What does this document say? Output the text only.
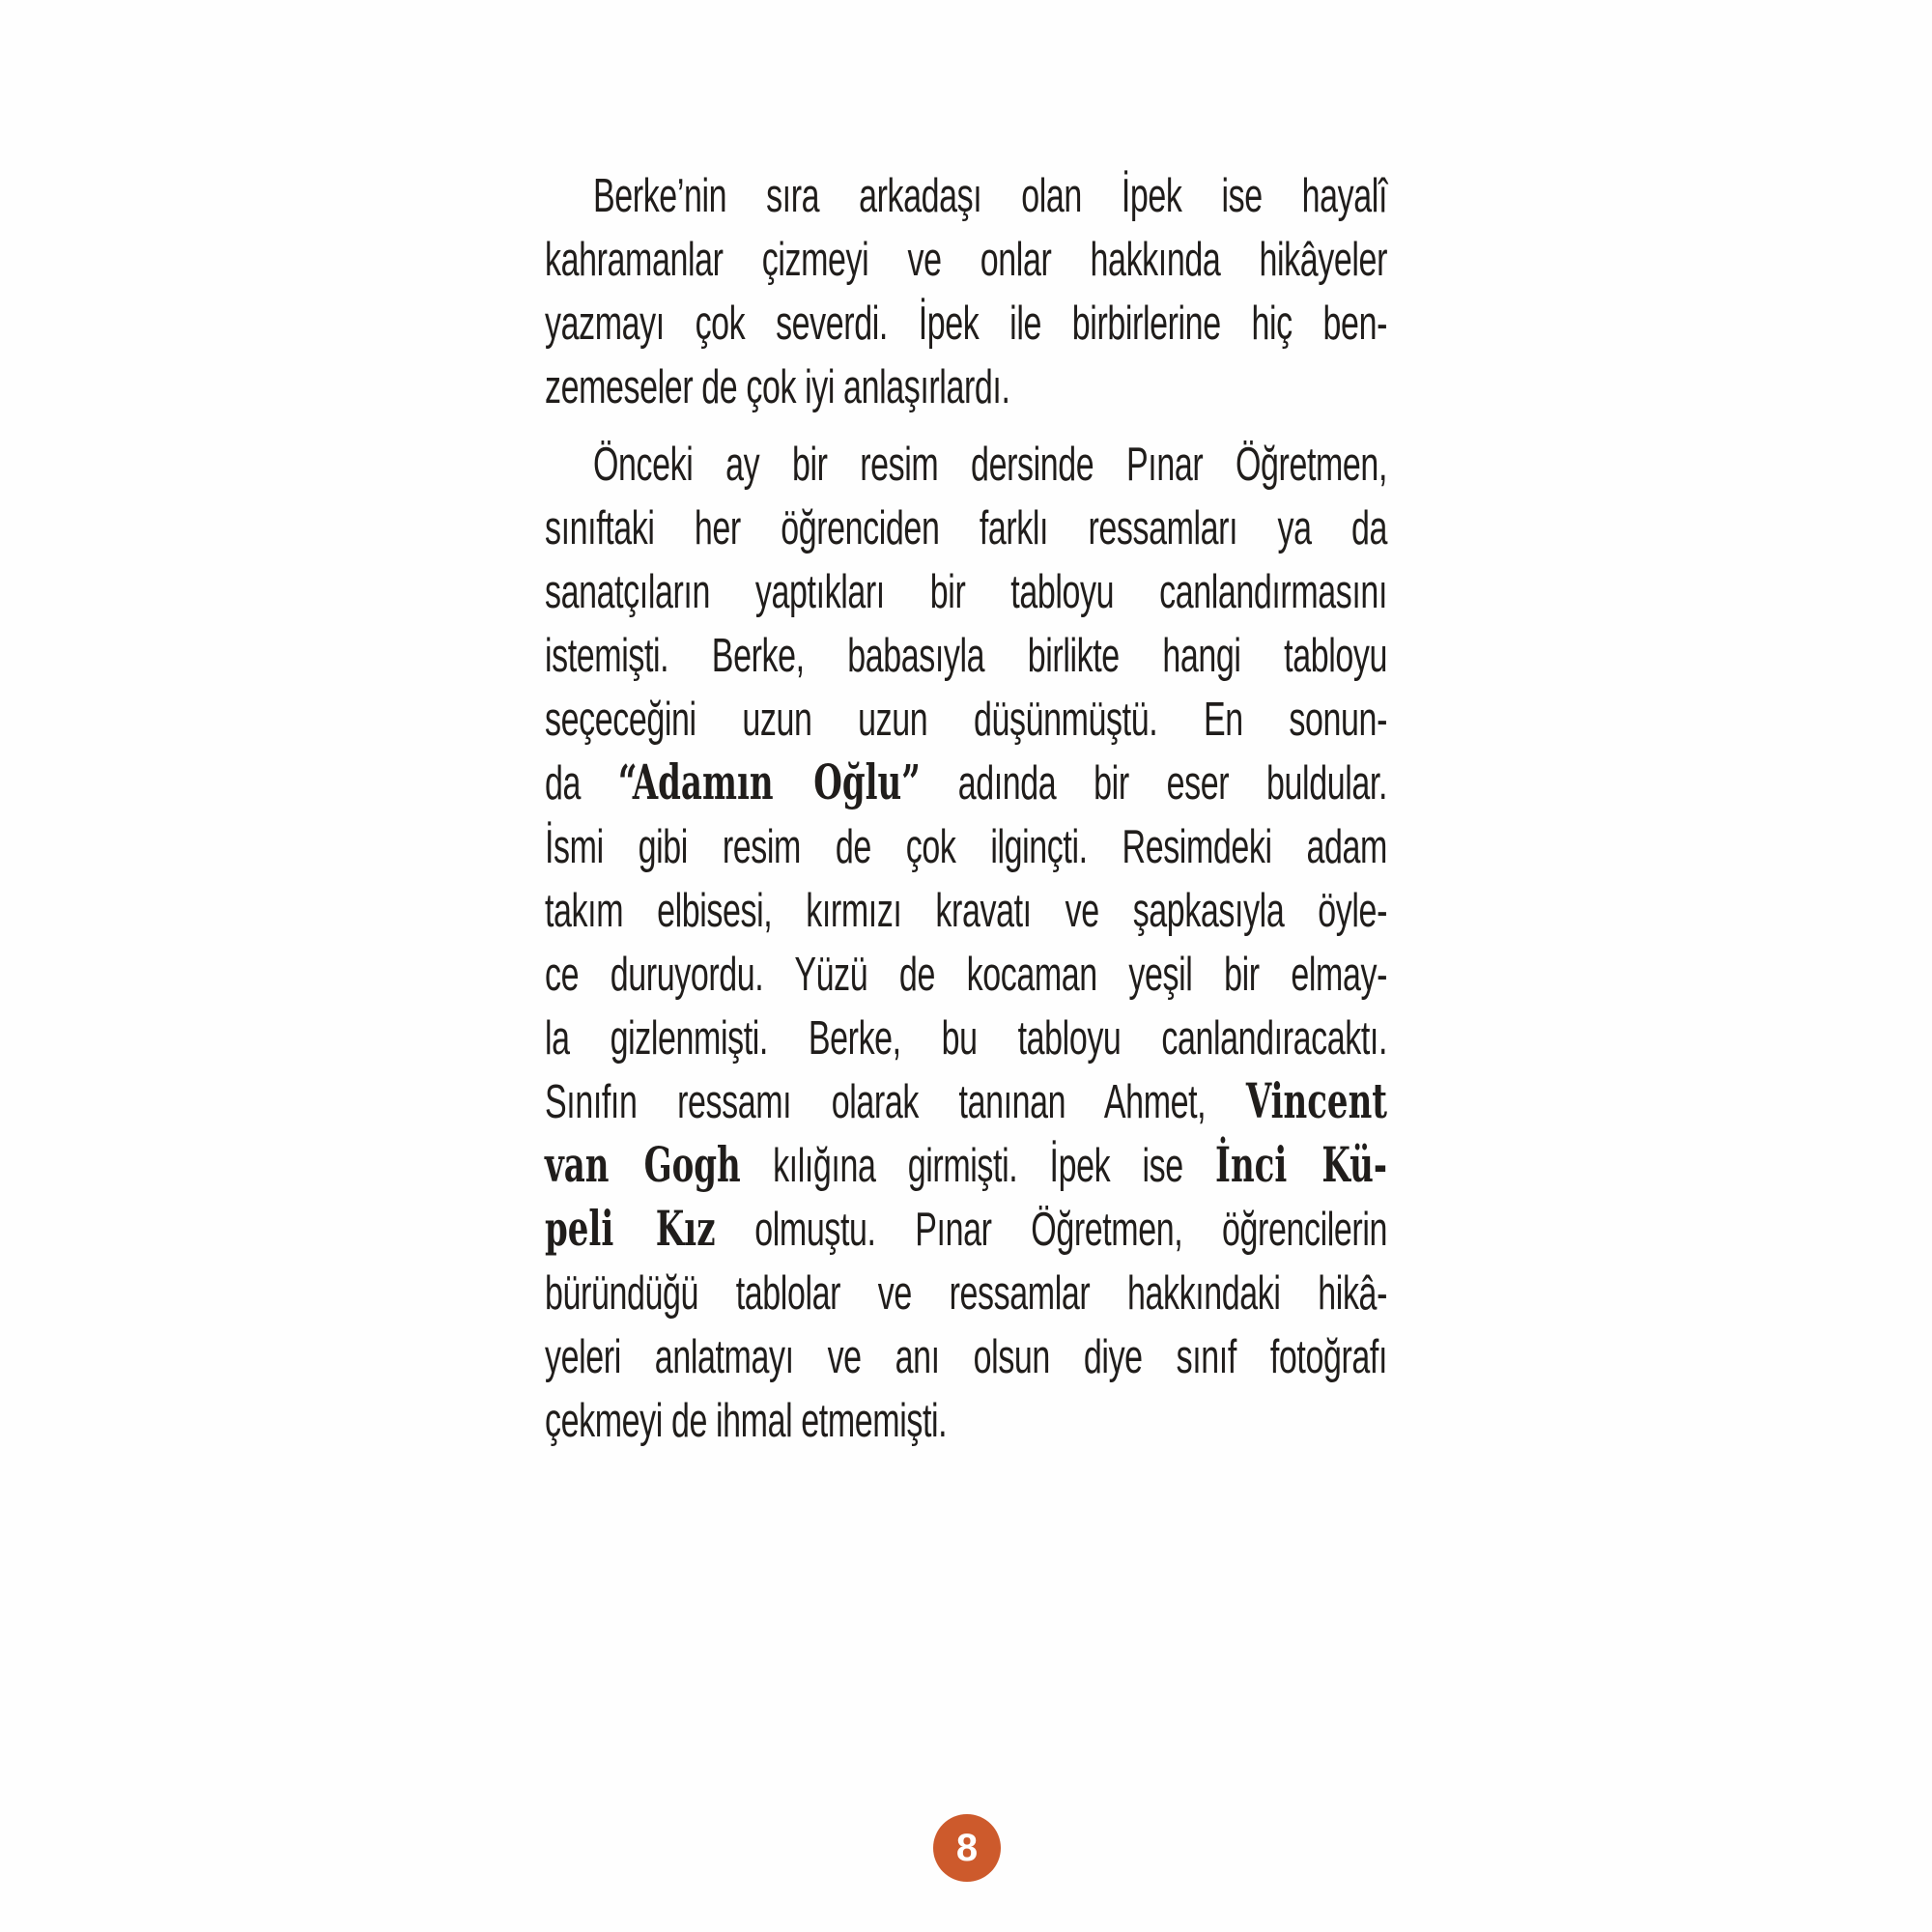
Berke’nin sıra arkadaşı olan İpek ise hayalî
kahramanlar çizmeyi ve onlar hakkında hikâyeler
yazmayı çok severdi. İpek ile birbirlerine hiç ben-
zemeseler de çok iyi anlaşırlardı.
Önceki ay bir resim dersinde Pınar Öğretmen,
sınıftaki her öğrenciden farklı ressamları ya da
sanatçıların yaptıkları bir tabloyu canlandırmasını
istemişti. Berke, babasıyla birlikte hangi tabloyu
seçeceğini uzun uzun düşünmüştü. En sonun-
da “Adamın Oğlu” adında bir eser buldular.
İsmi gibi resim de çok ilginçti. Resimdeki adam
takım elbisesi, kırmızı kravatı ve şapkasıyla öyle-
ce duruyordu. Yüzü de kocaman yeşil bir elmay-
la gizlenmişti. Berke, bu tabloyu canlandıracaktı.
Sınıfın ressamı olarak tanınan Ahmet, Vincent
van Gogh kılığına girmişti. İpek ise İnci Kü-
peli Kız olmuştu. Pınar Öğretmen, öğrencilerin
büründüğü tablolar ve ressamlar hakkındaki hikâ-
yeleri anlatmayı ve anı olsun diye sınıf fotoğrafı
çekmeyi de ihmal etmemişti.
8
